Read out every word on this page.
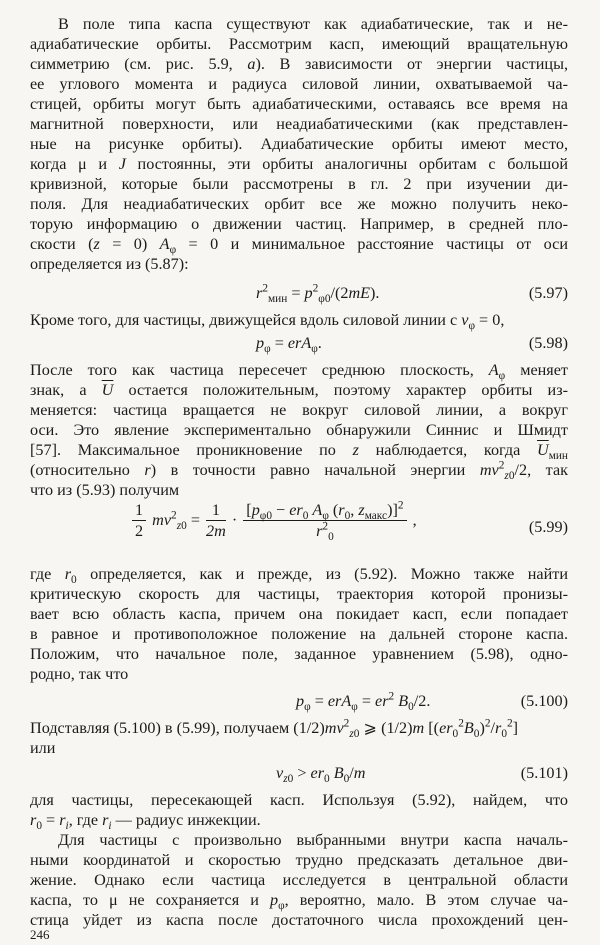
В поле типа каспа существуют как адиабатические, так и не-
адиабатические орбиты. Рассмотрим касп, имеющий вращательную
симметрию (см. рис. 5.9, а). В зависимости от энергии частицы,
ее углового момента и радиуса силовой линии, охватываемой ча-
стицей, орбиты могут быть адиабатическими, оставаясь все время на
магнитной поверхности, или неадиабатическими (как представлен-
ные на рисунке орбиты). Адиабатические орбиты имеют место,
когда μ и J постоянны, эти орбиты аналогичны орбитам с большой
кривизной, которые были рассмотрены в гл. 2 при изучении ди-
поля. Для неадиабатических орбит все же можно получить неко-
торую информацию о движении частиц. Например, в средней пло-
скости (z = 0) $A_\varphi = 0$ и минимальное расстояние частицы от оси
определяется из (5.87):
$r^2_{мин} = p^2_{\varphi 0}/(2mE)$.	(5.97)
Кроме того, для частицы, движущейся вдоль силовой линии с $v_\varphi = 0$,
$p_\varphi = erA_\varphi$.	(5.98)
После того как частица пересечет среднюю плоскость, $A_\varphi$ меняет
знак, а $\overline{U}$ остается положительным, поэтому характер орбиты из-
меняется: частица вращается не вокруг силовой линии, а вокруг
оси. Это явление экспериментально обнаружили Синнис и Шмидт
[57]. Максимальное проникновение по z наблюдается, когда $\overline{U}_{мин}$
(относительно r) в точности равно начальной энергии $mv^2_{z0}/2$, так
что из (5.93) получим
$\frac{1}{2} mv^2_{z0} = \frac{1}{2m} \cdot \frac{[p_{\varphi 0} - er_0 A_\varphi (r_0, z_{макс})]^2}{r^2_0}$ ,	(5.99)
где $r_0$ определяется, как и прежде, из (5.92). Можно также найти
критическую скорость для частицы, траектория которой пронизы-
вает всю область каспа, причем она покидает касп, если попадает
в равное и противоположное положение на дальней стороне каспа.
Положим, что начальное поле, заданное уравнением (5.98), одно-
родно, так что
$p_\varphi = erA_\varphi = er^2$ $B_0/2$.	(5.100)
Подставляя (5.100) в (5.99), получаем $(1/2)mv^2_{z0}$ ⩾ (1/2)m $[(er_0^2B_0)^2/r_0^2]$
или
$v_{z0} > er_0$ $B_0/m$	(5.101)
для частицы, пересекающей касп. Используя (5.92), найдем, что
$r_0 = r_i$, где $r_i$ — радиус инжекции.
Для частицы с произвольно выбранными внутри каспа началь-
ными координатой и скоростью трудно предсказать детальное дви-
жение. Однако если частица исследуется в центральной области
каспа, то μ не сохраняется и $p_\varphi$, вероятно, мало. В этом случае ча-
стица уйдет из каспа после достаточного числа прохождений цен-
246
